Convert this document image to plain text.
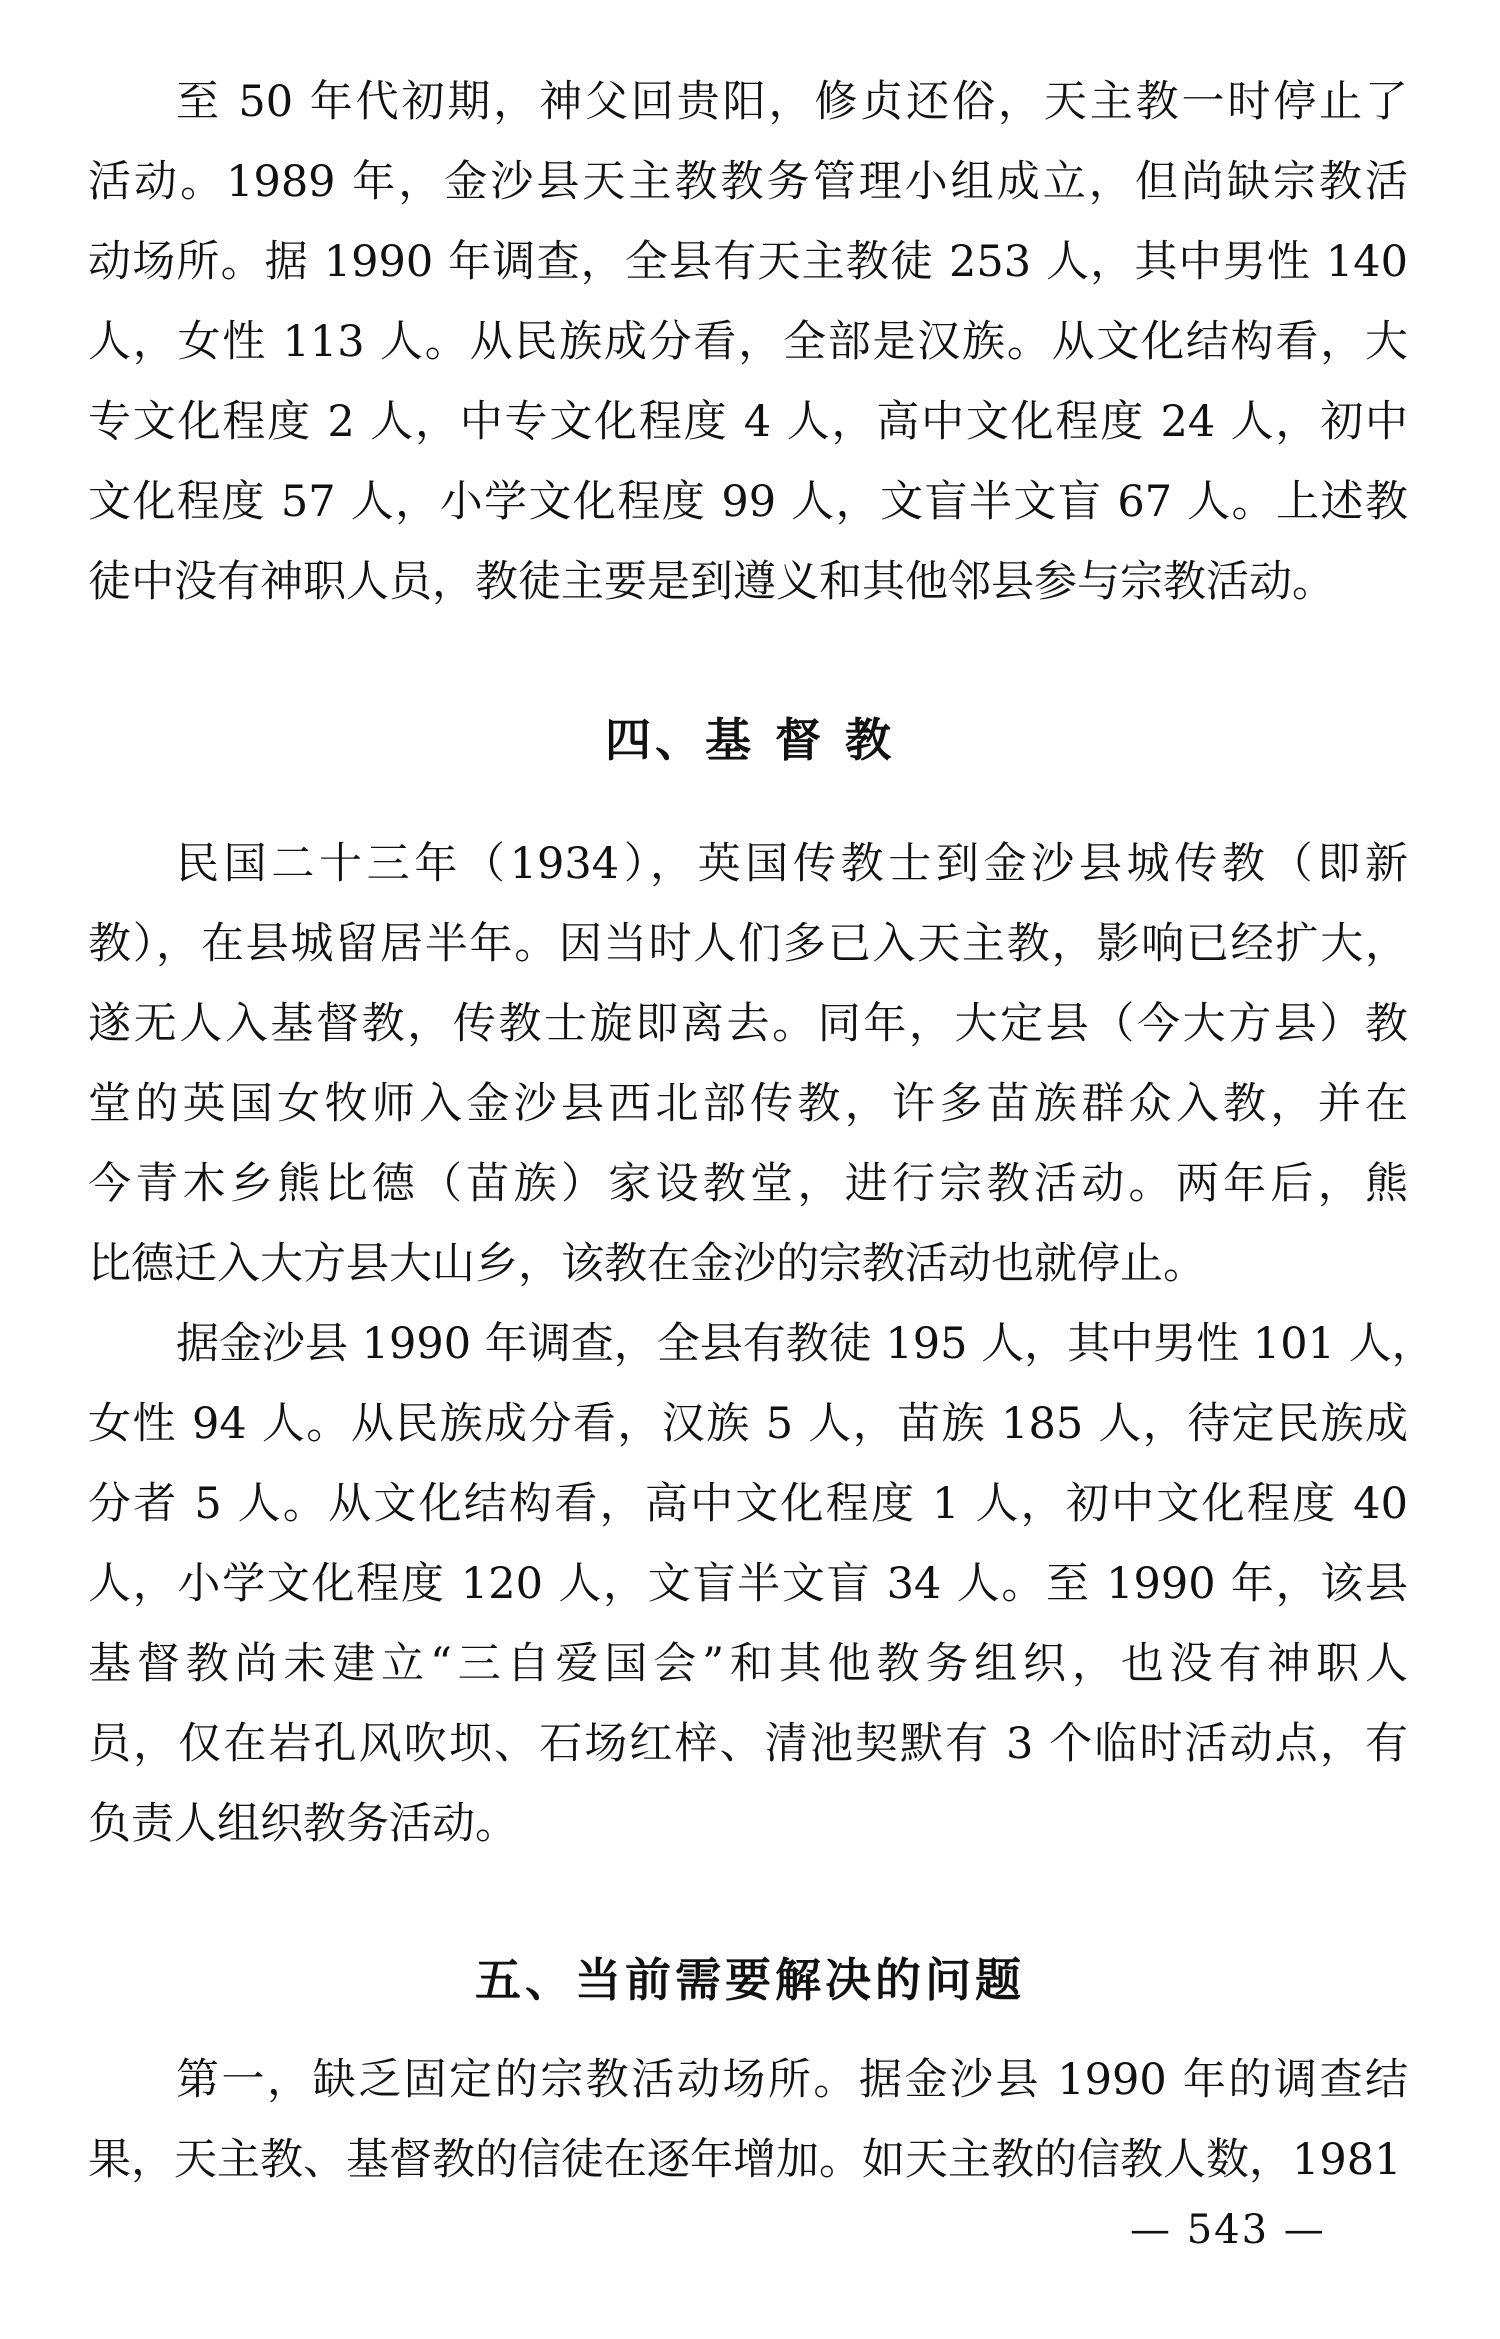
至 50 年代初期，神父回贵阳，修贞还俗，天主教一时停止了
活动。1989 年，金沙县天主教教务管理小组成立，但尚缺宗教活
动场所。据 1990 年调查，全县有天主教徒 253 人，其中男性 140
人，女性 113 人。从民族成分看，全部是汉族。从文化结构看，大
专文化程度 2 人，中专文化程度 4 人，高中文化程度 24 人，初中
文化程度 57 人，小学文化程度 99 人，文盲半文盲 67 人。上述教
徒中没有神职人员，教徒主要是到遵义和其他邻县参与宗教活动。
四、基 督 教
民国二十三年（1934），英国传教士到金沙县城传教（即新
教），在县城留居半年。因当时人们多已入天主教，影响已经扩大，
遂无人入基督教，传教士旋即离去。同年，大定县（今大方县）教
堂的英国女牧师入金沙县西北部传教，许多苗族群众入教，并在
今青木乡熊比德（苗族）家设教堂，进行宗教活动。两年后，熊
比德迁入大方县大山乡，该教在金沙的宗教活动也就停止。
据金沙县 1990 年调查，全县有教徒 195 人，其中男性 101 人，
女性 94 人。从民族成分看，汉族 5 人，苗族 185 人，待定民族成
分者 5 人。从文化结构看，高中文化程度 1 人，初中文化程度 40
人，小学文化程度 120 人，文盲半文盲 34 人。至 1990 年，该县
基督教尚未建立“三自爱国会”和其他教务组织，也没有神职人
员，仅在岩孔风吹坝、石场红梓、清池契默有 3 个临时活动点，有
负责人组织教务活动。
五、当前需要解决的问题
第一，缺乏固定的宗教活动场所。据金沙县 1990 年的调查结
果，天主教、基督教的信徒在逐年增加。如天主教的信教人数，1981
— 543 —
